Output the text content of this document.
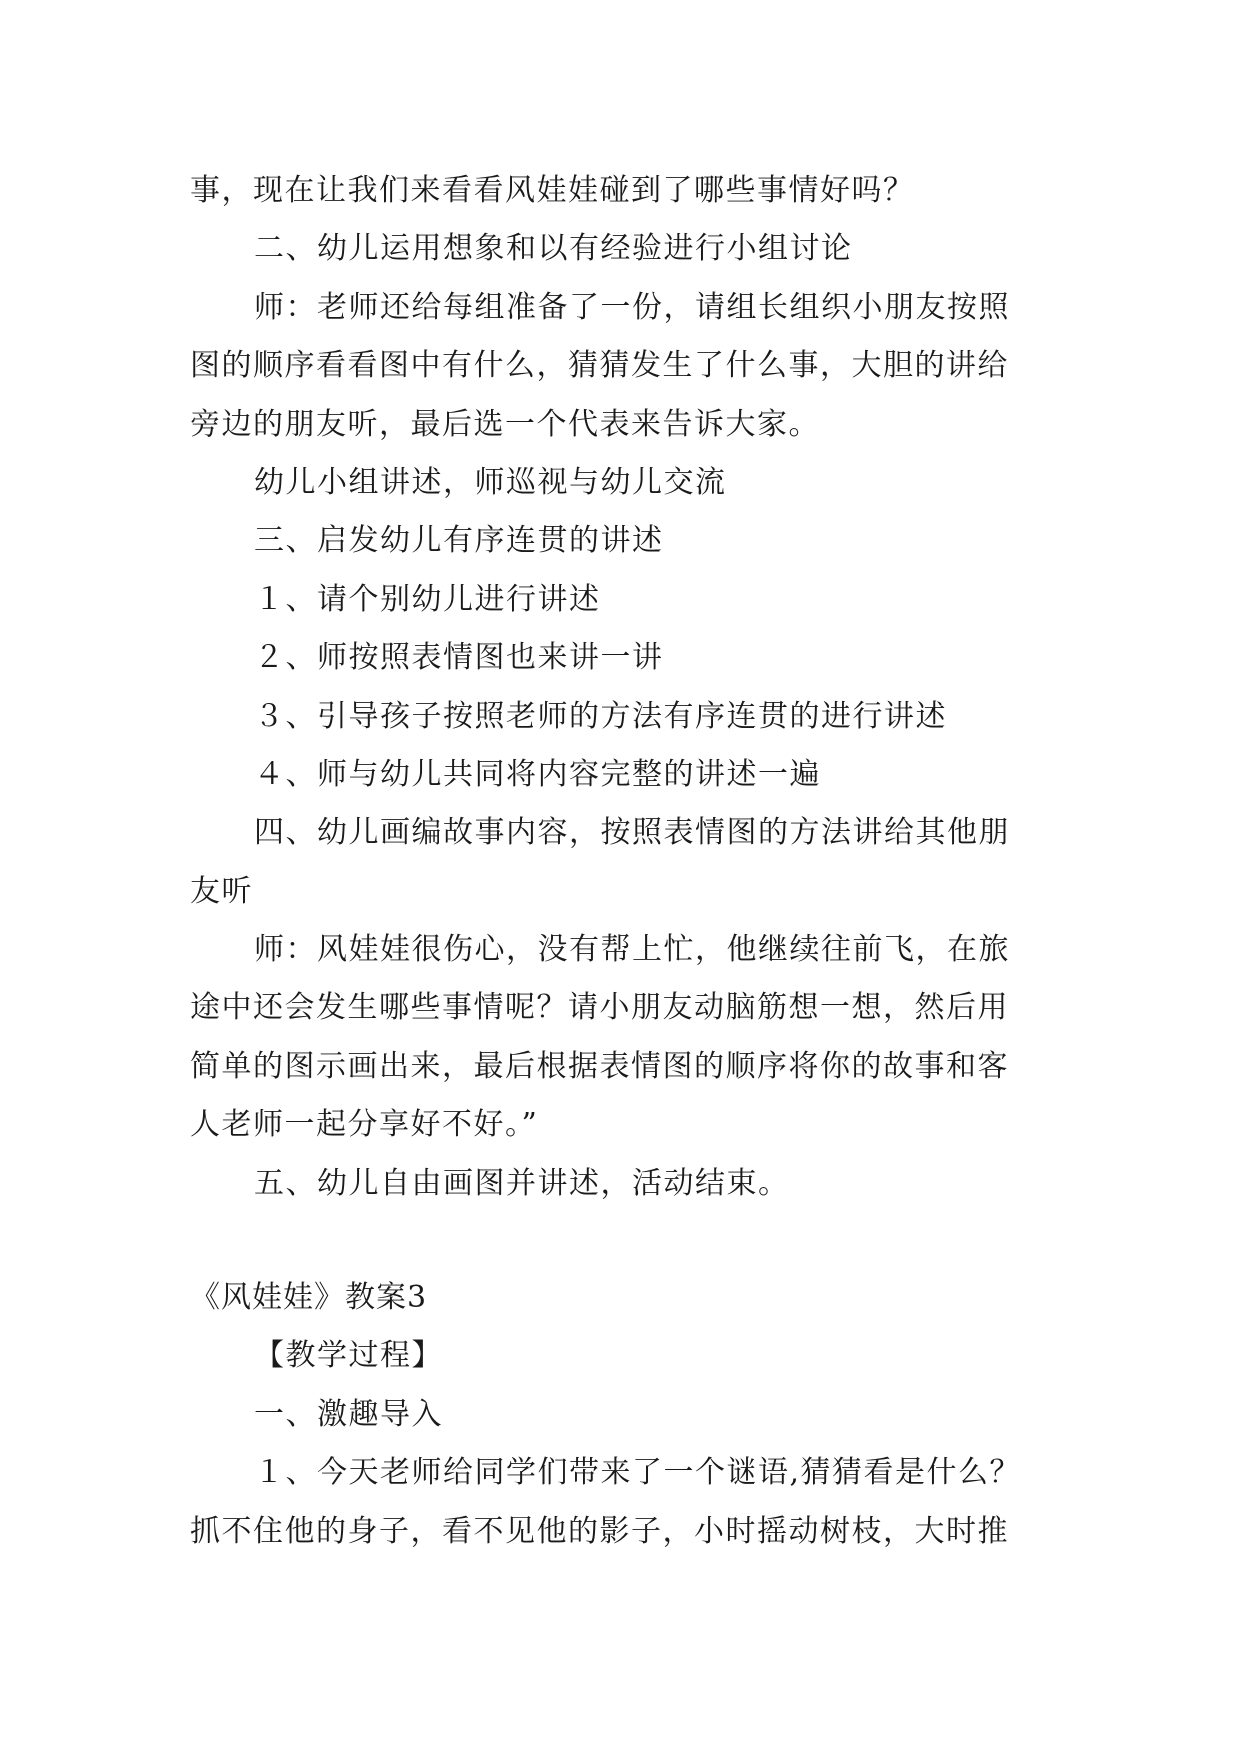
事，现在让我们来看看风娃娃碰到了哪些事情好吗？
二、幼儿运用想象和以有经验进行小组讨论
师：老师还给每组准备了一份，请组长组织小朋友按照
图的顺序看看图中有什么，猜猜发生了什么事，大胆的讲给
旁边的朋友听，最后选一个代表来告诉大家。
幼儿小组讲述，师巡视与幼儿交流
三、启发幼儿有序连贯的讲述
１、请个别幼儿进行讲述
２、师按照表情图也来讲一讲
３、引导孩子按照老师的方法有序连贯的进行讲述
４、师与幼儿共同将内容完整的讲述一遍
四、幼儿画编故事内容，按照表情图的方法讲给其他朋
友听
师：风娃娃很伤心，没有帮上忙，他继续往前飞，在旅
途中还会发生哪些事情呢？请小朋友动脑筋想一想，然后用
简单的图示画出来，最后根据表情图的顺序将你的故事和客
人老师一起分享好不好。”
五、幼儿自由画图并讲述，活动结束。
《风娃娃》教案3
【教学过程】
一、激趣导入
１、今天老师给同学们带来了一个谜语,猜猜看是什么？
抓不住他的身子，看不见他的影子，小时摇动树枝，大时推
